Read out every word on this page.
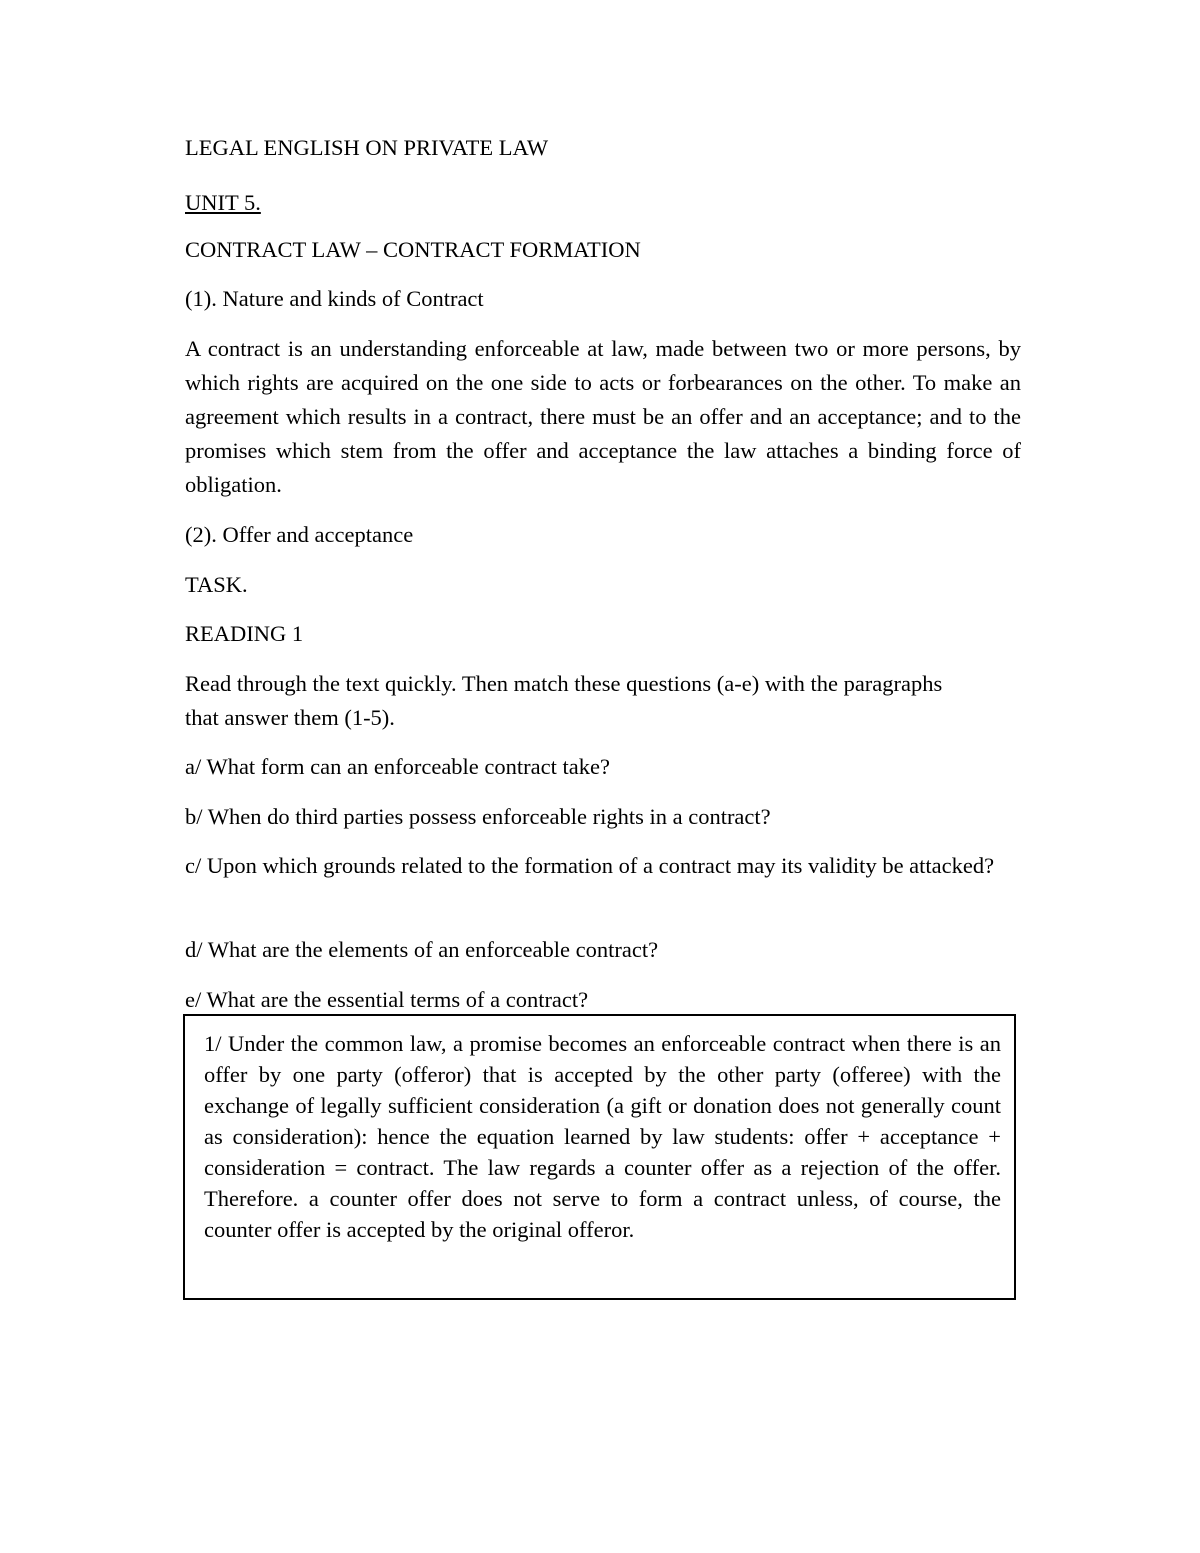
LEGAL ENGLISH ON PRIVATE LAW
UNIT 5.
CONTRACT LAW – CONTRACT FORMATION
(1). Nature and kinds of Contract
A contract is an understanding enforceable at law, made between two or more persons, by which rights are acquired on the one side to acts or forbearances on the other. To make an agreement which results in a contract, there must be an offer and an acceptance; and to the promises which stem from the offer and acceptance the law attaches a binding force of obligation.
(2). Offer and acceptance
TASK.
READING 1
Read through the text quickly. Then match these questions (a-e) with the paragraphs that answer them (1-5).
a/ What form can an enforceable contract take?
b/ When do third parties possess enforceable rights in a contract?
c/ Upon which grounds related to the formation of a contract may its validity be attacked?
d/ What are the elements of an enforceable contract?
e/ What are the essential terms of a contract?
1/ Under the common law, a promise becomes an enforceable contract when there is an offer by one party (offeror) that is accepted by the other party (offeree) with the exchange of legally sufficient consideration (a gift or donation does not generally count as consideration): hence the equation learned by law students: offer + acceptance + consideration = contract. The law regards a counter offer as a rejection of the offer. Therefore. a counter offer does not serve to form a contract unless, of course, the counter offer is accepted by the original offeror.
